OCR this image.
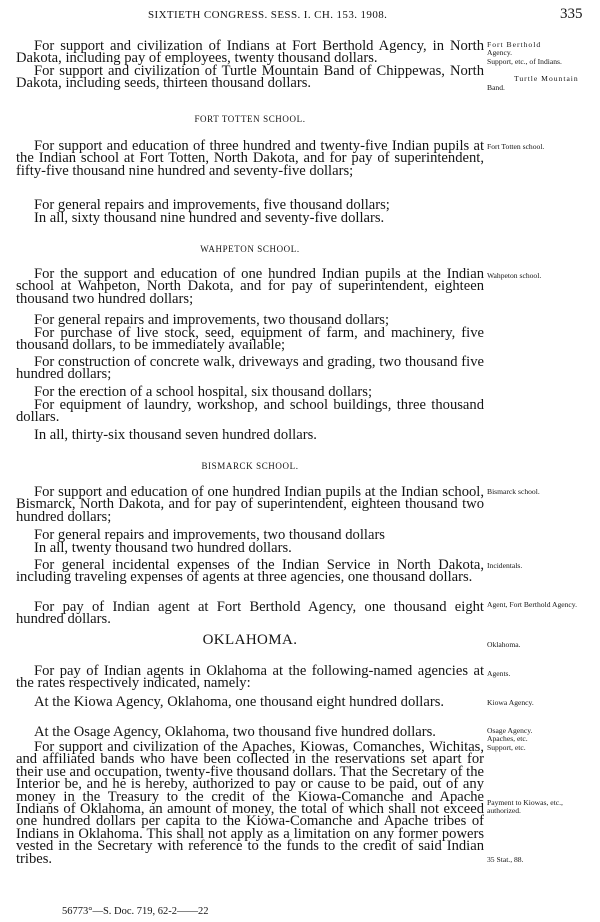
SIXTIETH CONGRESS. SESS. I. CH. 153. 1908.	335

For support and civilization of Indians at Fort Berthold Agency, in North Dakota, including pay of employees, twenty thousand dollars.

For support and civilization of Turtle Mountain Band of Chippewas, North Dakota, including seeds, thirteen thousand dollars.

FORT TOTTEN SCHOOL.

For support and education of three hundred and twenty-five Indian pupils at the Indian school at Fort Totten, North Dakota, and for pay of superintendent, fifty-five thousand nine hundred and seventy-five dollars;

For general repairs and improvements, five thousand dollars;

In all, sixty thousand nine hundred and seventy-five dollars.

WAHPETON SCHOOL.

For the support and education of one hundred Indian pupils at the Indian school at Wahpeton, North Dakota, and for pay of superintendent, eighteen thousand two hundred dollars;

For general repairs and improvements, two thousand dollars;

For purchase of live stock, seed, equipment of farm, and machinery, five thousand dollars, to be immediately available;

For construction of concrete walk, driveways and grading, two thousand five hundred dollars;

For the erection of a school hospital, six thousand dollars;

For equipment of laundry, workshop, and school buildings, three thousand dollars.

In all, thirty-six thousand seven hundred dollars.

BISMARCK SCHOOL.

For support and education of one hundred Indian pupils at the Indian school, Bismarck, North Dakota, and for pay of superintendent, eighteen thousand two hundred dollars;

For general repairs and improvements, two thousand dollars

In all, twenty thousand two hundred dollars.

For general incidental expenses of the Indian Service in North Dakota, including traveling expenses of agents at three agencies, one thousand dollars.

For pay of Indian agent at Fort Berthold Agency, one thousand eight hundred dollars.

OKLAHOMA.

For pay of Indian agents in Oklahoma at the following-named agencies at the rates respectively indicated, namely:

At the Kiowa Agency, Oklahoma, one thousand eight hundred dollars.

At the Osage Agency, Oklahoma, two thousand five hundred dollars.

For support and civilization of the Apaches, Kiowas, Comanches, Wichitas, and affiliated bands who have been collected in the reservations set apart for their use and occupation, twenty-five thousand dollars. That the Secretary of the Interior be, and he is hereby, authorized to pay or cause to be paid, out of any money in the Treasury to the credit of the Kiowa-Comanche and Apache Indians of Oklahoma, an amount of money, the total of which shall not exceed one hundred dollars per capita to the Kiowa-Comanche and Apache tribes of Indians in Oklahoma. This shall not apply as a limitation on any former powers vested in the Secretary with reference to the funds to the credit of said Indian tribes.

Fort Berthold
Agency.
Support, etc., of Indians.
Turtle Mountain
Band.
Fort Totten school.
Wahpeton school.
Bismarck school.
Incidentals.
Agent, Fort Berthold Agency.
Oklahoma.
Agents.
Kiowa Agency.
Osage Agency.
Apaches, etc.
Support, etc.
Payment to Kiowas, etc., authorized.
35 Stat., 88.
56773°—S. Doc. 719, 62-2——22
